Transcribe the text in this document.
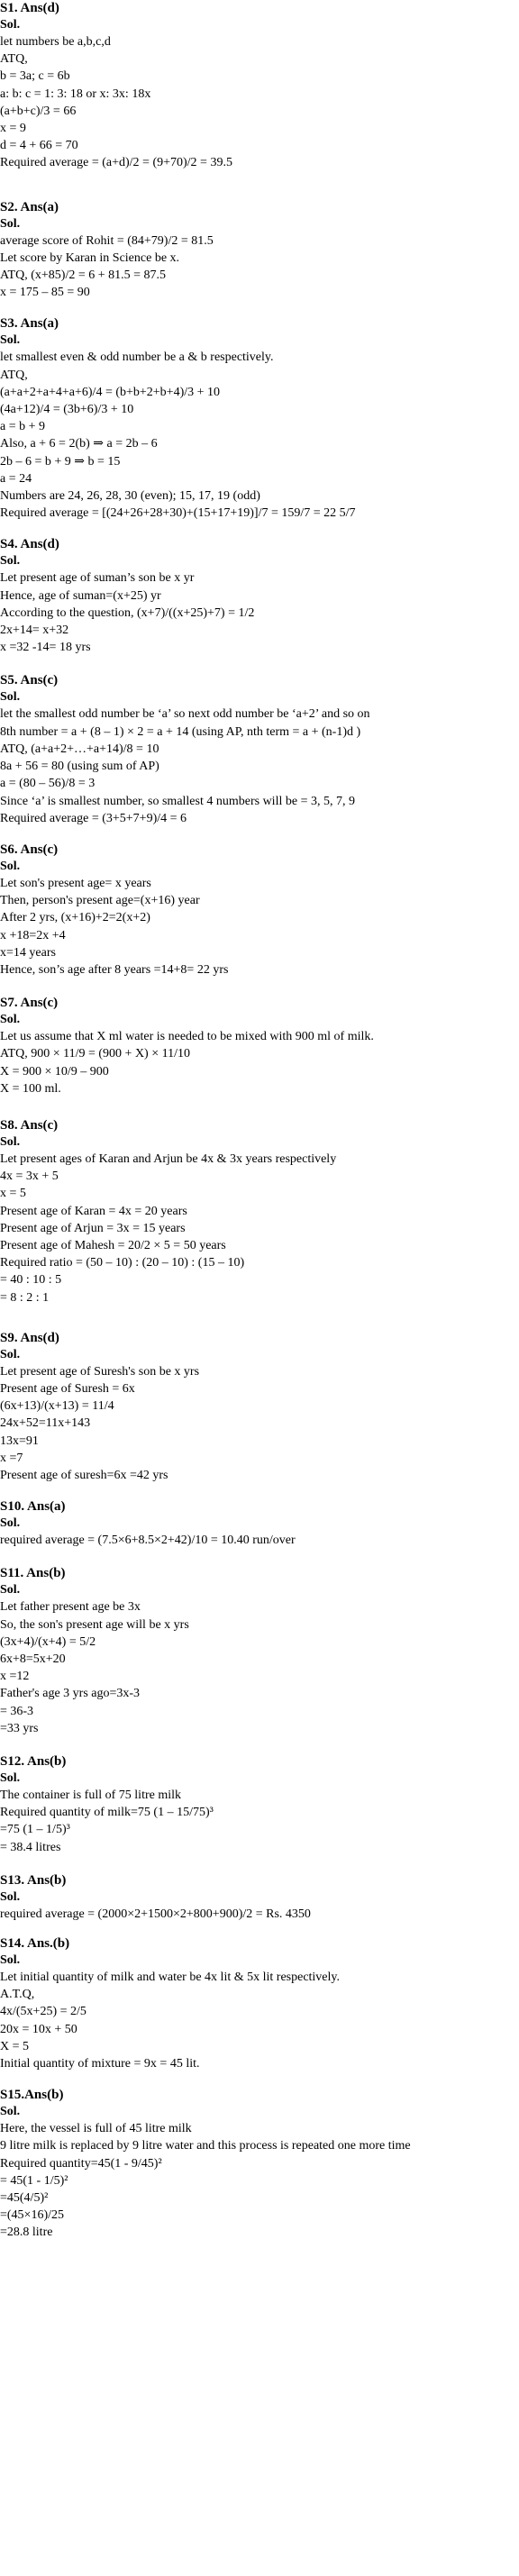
S1. Ans(d)
Sol.
let numbers be a,b,c,d
ATQ,
b = 3a; c = 6b
a: b: c = 1: 3: 18 or x: 3x: 18x
(a+b+c)/3 = 66
x = 9
d = 4 + 66 = 70
Required average = (a+d)/2 = (9+70)/2 = 39.5
S2. Ans(a)
Sol.
average score of Rohit = (84+79)/2 = 81.5
Let score by Karan in Science be x.
ATQ, (x+85)/2 = 6 + 81.5 = 87.5
x = 175 – 85 = 90
S3. Ans(a)
Sol.
let smallest even & odd number be a & b respectively.
ATQ,
(a+a+2+a+4+a+6)/4 = (b+b+2+b+4)/3 + 10
(4a+12)/4 = (3b+6)/3 + 10
a = b + 9
Also, a + 6 = 2(b) ⇒ a = 2b – 6
2b – 6 = b + 9 ⇒ b = 15
a = 24
Numbers are 24, 26, 28, 30 (even); 15, 17, 19 (odd)
Required average = [(24+26+28+30)+(15+17+19)]/7 = 159/7 = 22 5/7
S4. Ans(d)
Sol.
Let present age of suman’s son be x yr
Hence, age of suman=(x+25) yr
According to the question, (x+7)/((x+25)+7) = 1/2
2x+14= x+32
x =32 -14= 18 yrs
S5. Ans(c)
Sol.
let the smallest odd number be ‘a’ so next odd number be ‘a+2’ and so on
8th number = a + (8 – 1) × 2 = a + 14 (using AP, nth term = a + (n-1)d )
ATQ, (a+a+2+…+a+14)/8 = 10
8a + 56 = 80 (using sum of AP)
a = (80 – 56)/8 = 3
Since ‘a’ is smallest number, so smallest 4 numbers will be = 3, 5, 7, 9
Required average = (3+5+7+9)/4 = 6
S6. Ans(c)
Sol.
Let son's present age= x years
Then, person's present age=(x+16) year
After 2 yrs, (x+16)+2=2(x+2)
x +18=2x +4
x=14 years
Hence, son’s age after 8 years =14+8= 22 yrs
S7. Ans(c)
Sol.
Let us assume that X ml water is needed to be mixed with 900 ml of milk.
ATQ, 900 × 11/9 = (900 + X) × 11/10
X = 900 × 10/9 – 900
X = 100 ml.
S8. Ans(c)
Sol.
Let present ages of Karan and Arjun be 4x & 3x years respectively
4x = 3x + 5
x = 5
Present age of Karan = 4x = 20 years
Present age of Arjun = 3x = 15 years
Present age of Mahesh = 20/2 × 5 = 50 years
Required ratio = (50 – 10) : (20 – 10) : (15 – 10)
= 40 : 10 : 5
= 8 : 2 : 1
S9. Ans(d)
Sol.
Let present age of Suresh's son be x yrs
Present age of Suresh = 6x
(6x+13)/(x+13) = 11/4
24x+52=11x+143
13x=91
x =7
Present age of suresh=6x =42 yrs
S10. Ans(a)
Sol.
required average = (7.5×6+8.5×2+42)/10 = 10.40 run/over
S11. Ans(b)
Sol.
Let father present age be 3x
So, the son's present age will be x yrs
(3x+4)/(x+4) = 5/2
6x+8=5x+20
x =12
Father's age 3 yrs ago=3x-3
= 36-3
=33 yrs
S12. Ans(b)
Sol.
The container is full of 75 litre milk
Required quantity of milk=75 (1 – 15/75)³
=75 (1 – 1/5)³
= 38.4 litres
S13. Ans(b)
Sol.
required average = (2000×2+1500×2+800+900)/2 = Rs. 4350
S14. Ans.(b)
Sol.
Let initial quantity of milk and water be 4x lit & 5x lit respectively.
A.T.Q,
4x/(5x+25) = 2/5
20x = 10x + 50
X = 5
Initial quantity of mixture = 9x = 45 lit.
S15.Ans(b)
Sol.
Here, the vessel is full of 45 litre milk
9 litre milk is replaced by 9 litre water and this process is repeated one more time
Required quantity=45(1 - 9/45)²
= 45(1 - 1/5)²
=45(4/5)²
=(45×16)/25
=28.8 litre
